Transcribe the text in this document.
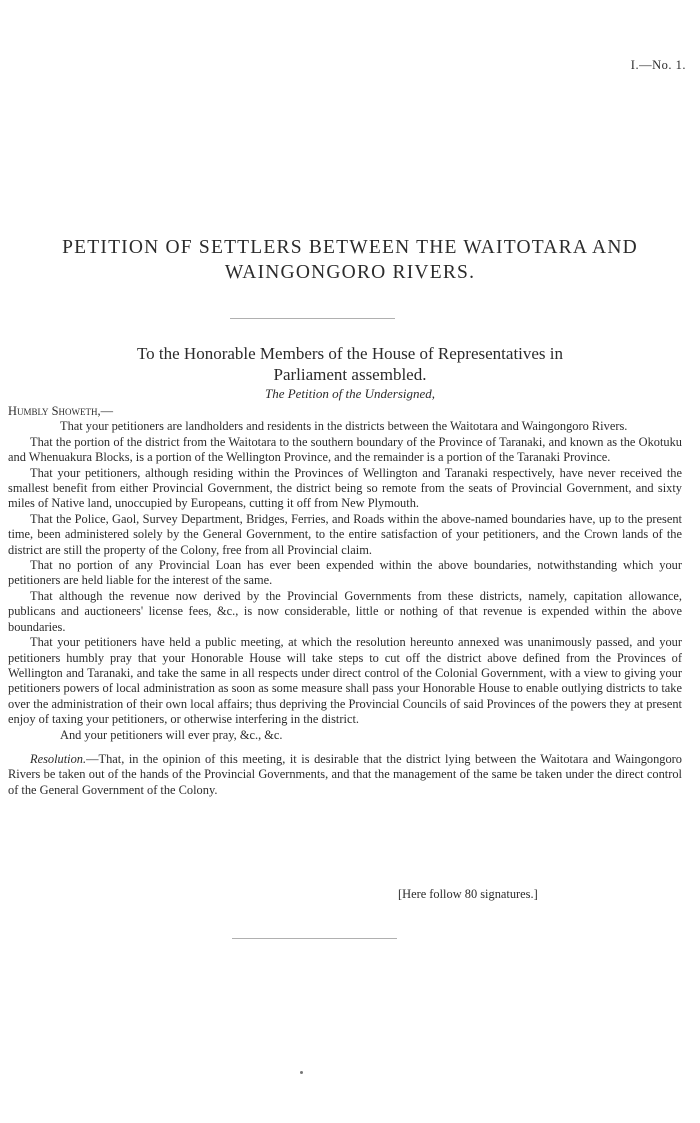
I.—No. 1.
PETITION OF SETTLERS BETWEEN THE WAITOTARA AND
WAINGONGORO RIVERS.
To the Honorable Members of the House of Representatives in
Parliament assembled.
The Petition of the Undersigned,

Humbly Showeth,—

That your petitioners are landholders and residents in the districts between the Waitotara and Waingongoro Rivers.

That the portion of the district from the Waitotara to the southern boundary of the Province of Taranaki, and known as the Okotuku and Whenuakura Blocks, is a portion of the Wellington Province, and the remainder is a portion of the Taranaki Province.

That your petitioners, although residing within the Provinces of Wellington and Taranaki respectively, have never received the smallest benefit from either Provincial Government, the district being so remote from the seats of Provincial Government, and sixty miles of Native land, unoccupied by Europeans, cutting it off from New Plymouth.

That the Police, Gaol, Survey Department, Bridges, Ferries, and Roads within the above-named boundaries have, up to the present time, been administered solely by the General Government, to the entire satisfaction of your petitioners, and the Crown lands of the district are still the property of the Colony, free from all Provincial claim.

That no portion of any Provincial Loan has ever been expended within the above boundaries, notwithstanding which your petitioners are held liable for the interest of the same.

That although the revenue now derived by the Provincial Governments from these districts, namely, capitation allowance, publicans and auctioneers' license fees, &c., is now considerable, little or nothing of that revenue is expended within the above boundaries.

That your petitioners have held a public meeting, at which the resolution hereunto annexed was unanimously passed, and your petitioners humbly pray that your Honorable House will take steps to cut off the district above defined from the Provinces of Wellington and Taranaki, and take the same in all respects under direct control of the Colonial Government, with a view to giving your petitioners powers of local administration as soon as some measure shall pass your Honorable House to enable outlying districts to take over the administration of their own local affairs; thus depriving the Provincial Councils of said Provinces of the powers they at present enjoy of taxing your petitioners, or otherwise interfering in the district.

And your petitioners will ever pray, &c., &c.

Resolution.—That, in the opinion of this meeting, it is desirable that the district lying between the Waitotara and Waingongoro Rivers be taken out of the hands of the Provincial Governments, and that the management of the same be taken under the direct control of the General Government of the Colony.

[Here follow 80 signatures.]
